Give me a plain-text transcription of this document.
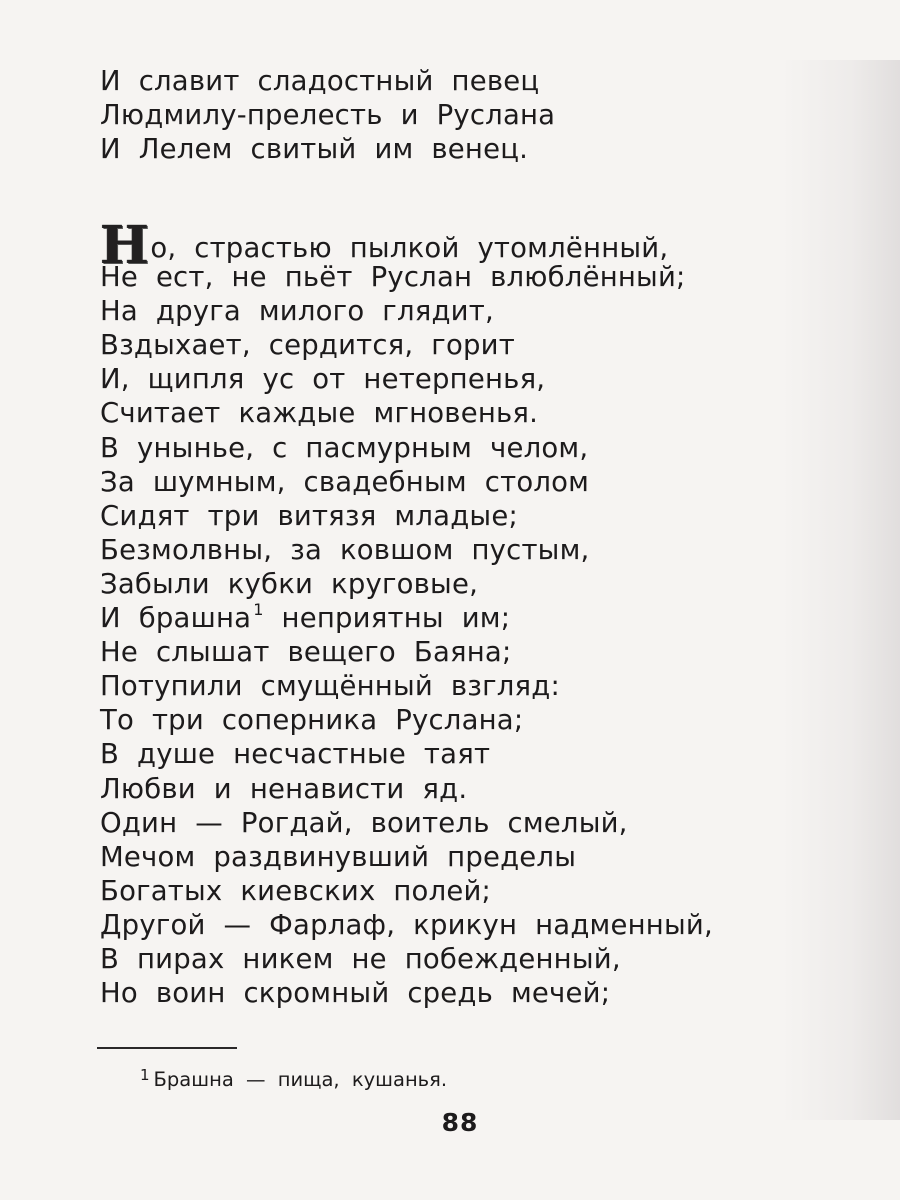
И славит сладостный певец
Людмилу-прелесть и Руслана
И Лелем свитый им венец.
Но, страстью пылкой утомлённый,
Не ест, не пьёт Руслан влюблённый;
На друга милого глядит,
Вздыхает, сердится, горит
И, щипля ус от нетерпенья,
Считает каждые мгновенья.
В унынье, с пасмурным челом,
За шумным, свадебным столом
Сидят три витязя младые;
Безмолвны, за ковшом пустым,
Забыли кубки круговые,
И брашна $^1$ неприятны им;
Не слышат вещего Баяна;
Потупили смущённый взгляд:
То три соперника Руслана;
В душе несчастные таят
Любви и ненависти яд.
Один — Рогдай, воитель смелый,
Мечом раздвинувший пределы
Богатых киевских полей;
Другой — Фарлаф, крикун надменный,
В пирах никем не побежденный,
Но воин скромный средь мечей;
$^1$ Брашна — пища, кушанья.
88
